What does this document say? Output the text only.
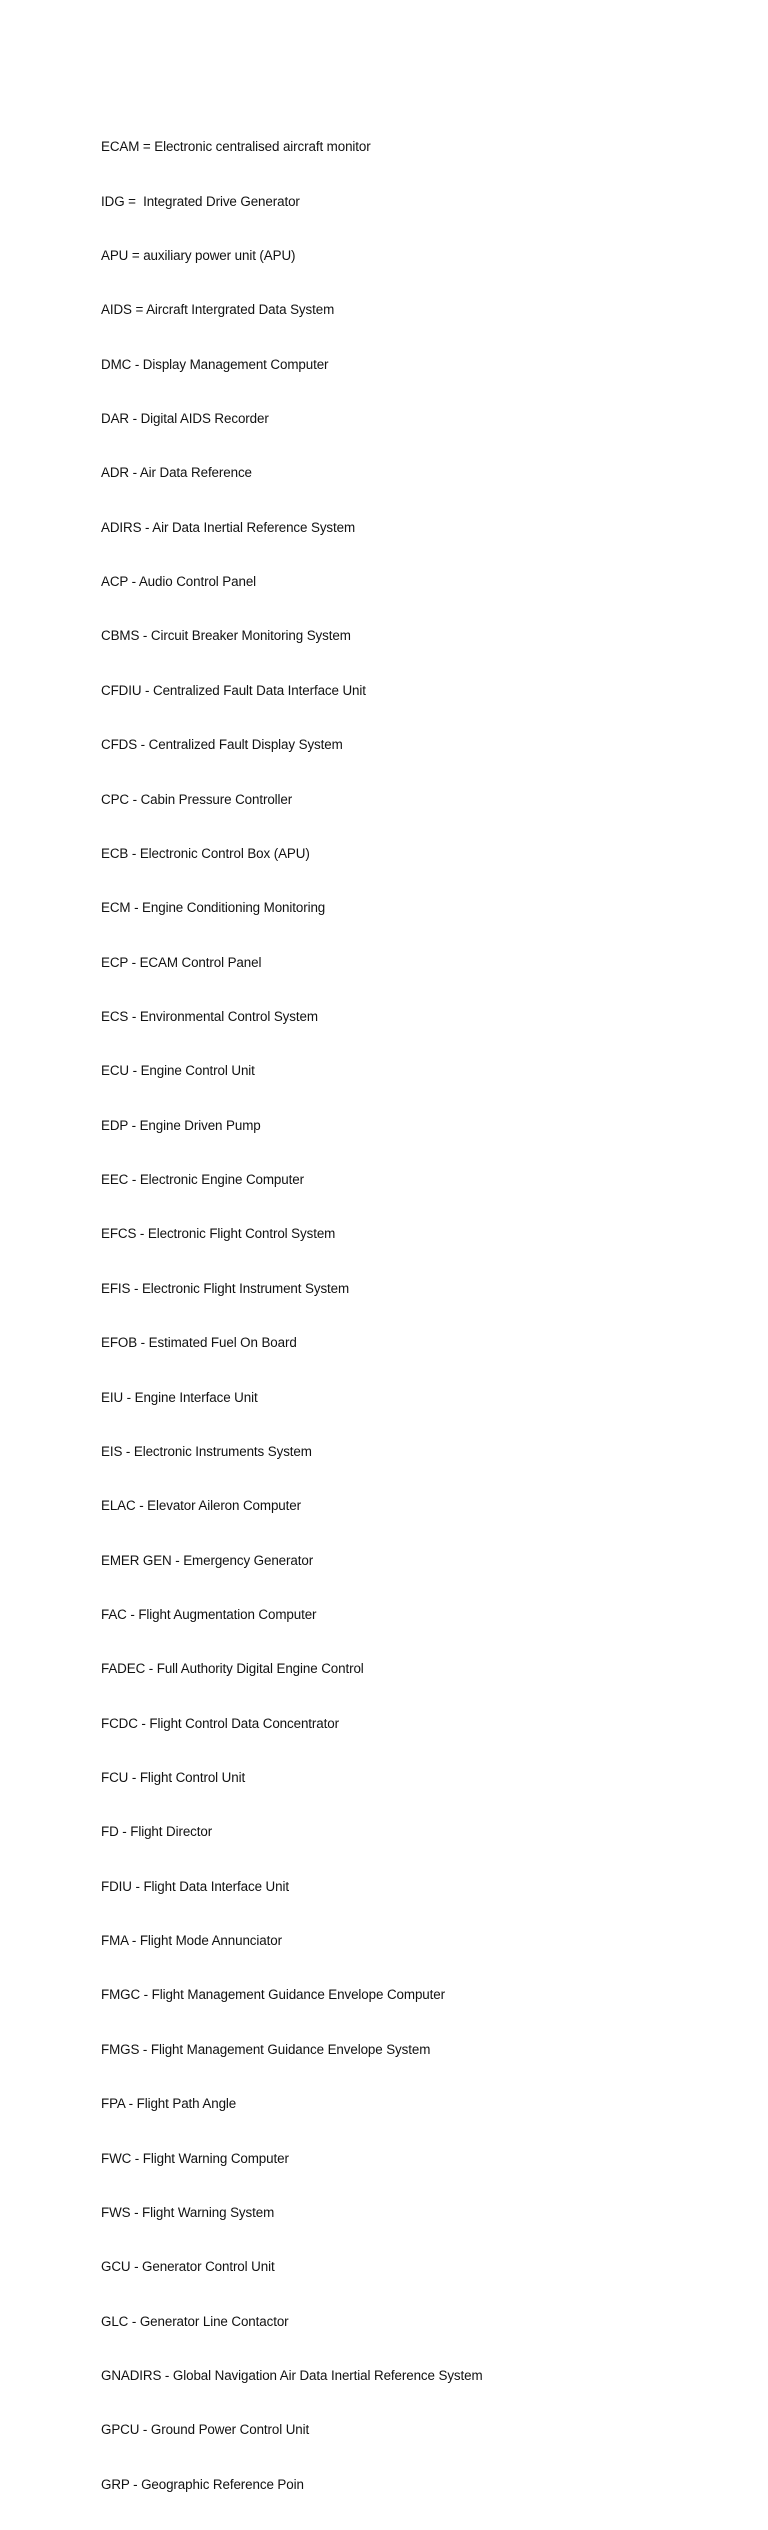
ECAM = Electronic centralised aircraft monitor

IDG =  Integrated Drive Generator

APU = auxiliary power unit (APU)

AIDS = Aircraft Intergrated Data System

DMC - Display Management Computer

DAR - Digital AIDS Recorder

ADR - Air Data Reference

ADIRS - Air Data Inertial Reference System

ACP - Audio Control Panel

CBMS - Circuit Breaker Monitoring System

CFDIU - Centralized Fault Data Interface Unit

CFDS - Centralized Fault Display System

CPC - Cabin Pressure Controller

ECB - Electronic Control Box (APU)

ECM - Engine Conditioning Monitoring

ECP - ECAM Control Panel

ECS - Environmental Control System

ECU - Engine Control Unit

EDP - Engine Driven Pump

EEC - Electronic Engine Computer

EFCS - Electronic Flight Control System

EFIS - Electronic Flight Instrument System

EFOB - Estimated Fuel On Board

EIU - Engine Interface Unit

EIS - Electronic Instruments System

ELAC - Elevator Aileron Computer

EMER GEN - Emergency Generator

FAC - Flight Augmentation Computer

FADEC - Full Authority Digital Engine Control

FCDC - Flight Control Data Concentrator

FCU - Flight Control Unit

FD - Flight Director

FDIU - Flight Data Interface Unit

FMA - Flight Mode Annunciator

FMGC - Flight Management Guidance Envelope Computer

FMGS - Flight Management Guidance Envelope System

FPA - Flight Path Angle

FWC - Flight Warning Computer

FWS - Flight Warning System

GCU - Generator Control Unit

GLC - Generator Line Contactor

GNADIRS - Global Navigation Air Data Inertial Reference System

GPCU - Ground Power Control Unit

GRP - Geographic Reference Poin
